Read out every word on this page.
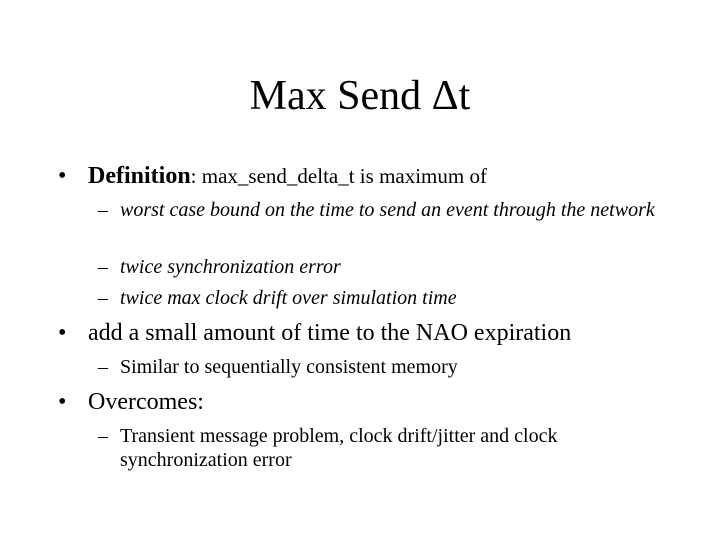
Max Send Δt
• Definition: max_send_delta_t is maximum of
– worst case bound on the time to send an event through the network
– twice synchronization error
– twice max clock drift over simulation time
• add a small amount of time to the NAO expiration
– Similar to sequentially consistent memory
• Overcomes:
– Transient message problem, clock drift/jitter and clock synchronization error
